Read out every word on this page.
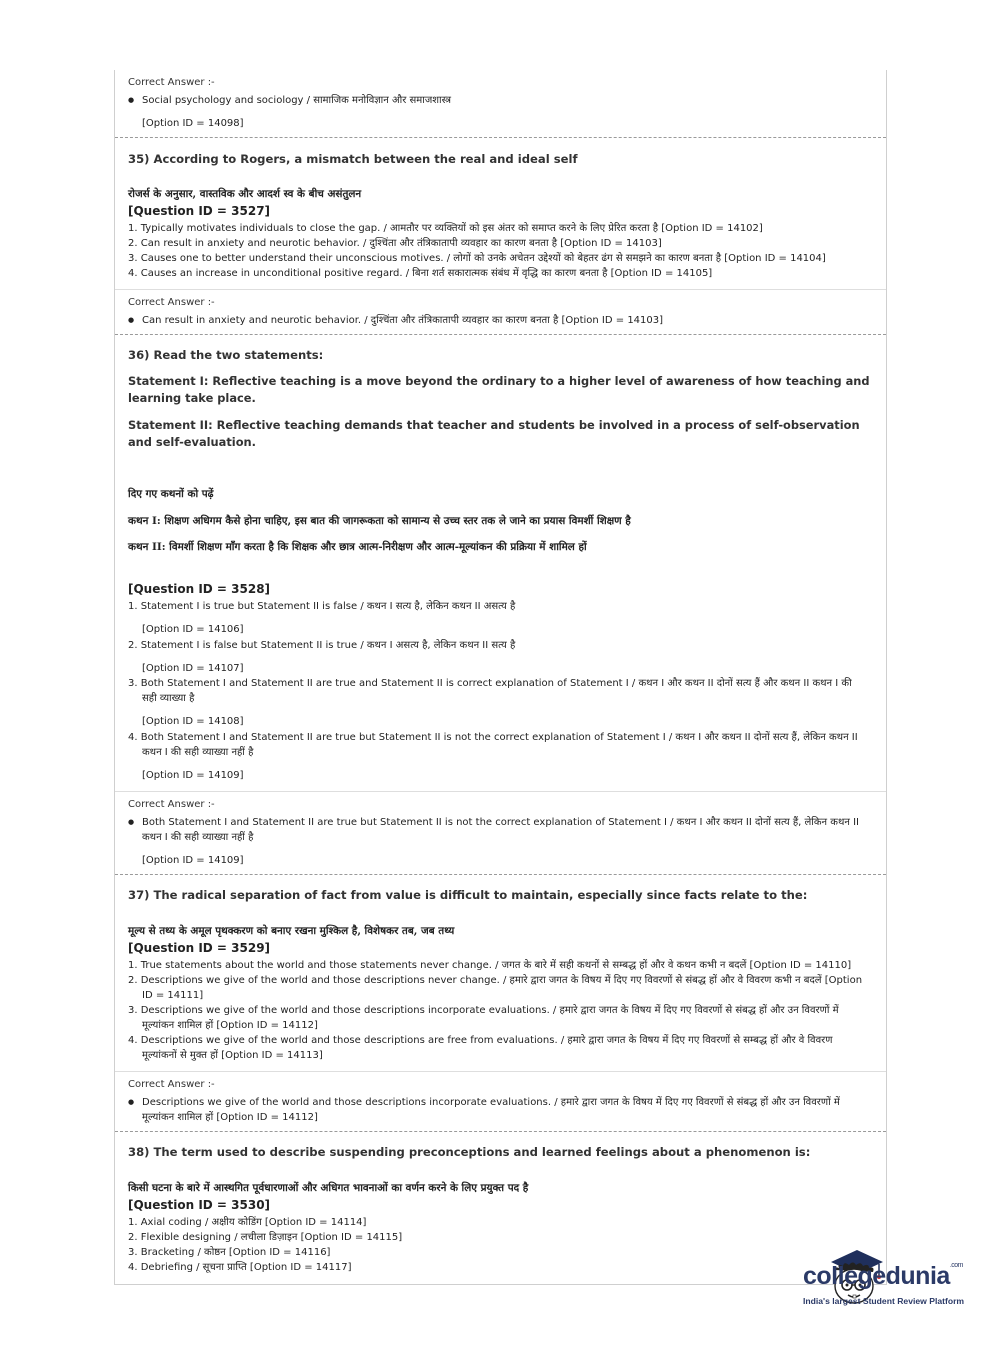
Correct Answer :-
● Social psychology and sociology / सामाजिक मनोविज्ञान और समाजशास्त्र
[Option ID = 14098]
35) According to Rogers, a mismatch between the real and ideal self
रोजर्स के अनुसार, वास्तविक और आदर्श स्व के बीच असंतुलन
[Question ID = 3527]
1. Typically motivates individuals to close the gap. / आमतौर पर व्यक्तियों को इस अंतर को समाप्त करने के लिए प्रेरित करता है [Option ID = 14102]
2. Can result in anxiety and neurotic behavior. / दुश्चिंता और तंत्रिकातापी व्यवहार का कारण बनता है [Option ID = 14103]
3. Causes one to better understand their unconscious motives. / लोगों को उनके अचेतन उद्देश्यों को बेहतर ढंग से समझने का कारण बनता है [Option ID = 14104]
4. Causes an increase in unconditional positive regard. / बिना शर्त सकारात्मक संबंध में वृद्धि का कारण बनता है [Option ID = 14105]
Correct Answer :-
● Can result in anxiety and neurotic behavior. / दुश्चिंता और तंत्रिकातापी व्यवहार का कारण बनता है [Option ID = 14103]
36) Read the two statements:
Statement I: Reflective teaching is a move beyond the ordinary to a higher level of awareness of how teaching and learning take place.
Statement II: Reflective teaching demands that teacher and students be involved in a process of self-observation and self-evaluation.
दिए गए कथनों को पढ़ें
कथन I: शिक्षण अधिगम कैसे होना चाहिए, इस बात की जागरूकता को सामान्य से उच्च स्तर तक ले जाने का प्रयास विमर्शी शिक्षण है
कथन II: विमर्शी शिक्षण माँग करता है कि शिक्षक और छात्र आत्म-निरीक्षण और आत्म-मूल्यांकन की प्रक्रिया में शामिल हों
[Question ID = 3528]
1. Statement I is true but Statement II is false / कथन I सत्य है, लेकिन कथन II असत्य है
[Option ID = 14106]
2. Statement I is false but Statement II is true / कथन I असत्य है, लेकिन कथन II सत्य है
[Option ID = 14107]
3. Both Statement I and Statement II are true and Statement II is correct explanation of Statement I / कथन I और कथन II दोनों सत्य हैं और कथन II कथन I की
सही व्याख्या है
[Option ID = 14108]
4. Both Statement I and Statement II are true but Statement II is not the correct explanation of Statement I / कथन I और कथन II दोनों सत्य हैं, लेकिन कथन II
कथन I की सही व्याख्या नहीं है
[Option ID = 14109]
Correct Answer :-
● Both Statement I and Statement II are true but Statement II is not the correct explanation of Statement I / कथन I और कथन II दोनों सत्य हैं, लेकिन कथन II
कथन I की सही व्याख्या नहीं है
[Option ID = 14109]
37) The radical separation of fact from value is difficult to maintain, especially since facts relate to the:
मूल्य से तथ्य के अमूल पृथक्करण को बनाए रखना मुश्किल है, विशेषकर तब, जब तथ्य
[Question ID = 3529]
1. True statements about the world and those statements never change. / जगत के बारे में सही कथनों से सम्बद्ध हों और वे कथन कभी न बदलें [Option ID = 14110]
2. Descriptions we give of the world and those descriptions never change. / हमारे द्वारा जगत के विषय में दिए गए विवरणों से संबद्ध हों और वे विवरण कभी न बदलें [Option
ID = 14111]
3. Descriptions we give of the world and those descriptions incorporate evaluations. / हमारे द्वारा जगत के विषय में दिए गए विवरणों से संबद्ध हों और उन विवरणों में
मूल्यांकन शामिल हों [Option ID = 14112]
4. Descriptions we give of the world and those descriptions are free from evaluations. / हमारे द्वारा जगत के विषय में दिए गए विवरणों से सम्बद्ध हों और वे विवरण
मूल्यांकनों से मुक्त हों [Option ID = 14113]
Correct Answer :-
● Descriptions we give of the world and those descriptions incorporate evaluations. / हमारे द्वारा जगत के विषय में दिए गए विवरणों से संबद्ध हों और उन विवरणों में
मूल्यांकन शामिल हों [Option ID = 14112]
38) The term used to describe suspending preconceptions and learned feelings about a phenomenon is:
किसी घटना के बारे में आस्थगित पूर्वधारणाओं और अधिगत भावनाओं का वर्णन करने के लिए प्रयुक्त पद है
[Question ID = 3530]
1. Axial coding / अक्षीय कोडिंग [Option ID = 14114]
2. Flexible designing / लचीला डिज़ाइन [Option ID = 14115]
3. Bracketing / कोष्ठन [Option ID = 14116]
4. Debriefing / सूचना प्राप्ति [Option ID = 14117]	collegedunia$^{.com}$
India's largest Student Review Platform
